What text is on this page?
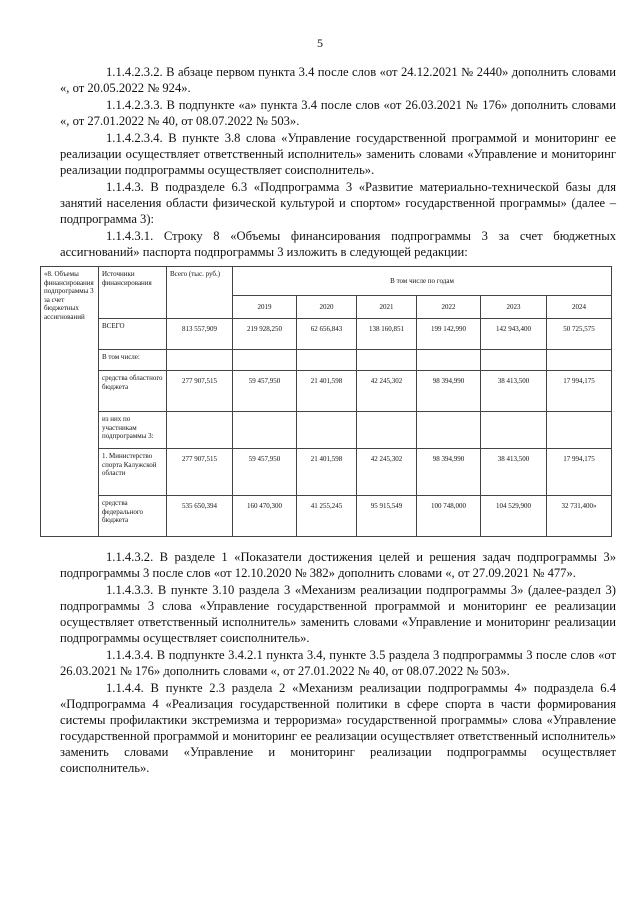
5

1.1.4.2.3.2. В абзаце первом пункта 3.4 после слов «от 24.12.2021 № 2440» дополнить словами «, от 20.05.2022 № 924».

1.1.4.2.3.3. В подпункте «а» пункта 3.4 после слов «от 26.03.2021 № 176» дополнить словами «, от 27.01.2022 № 40, от 08.07.2022 № 503».

1.1.4.2.3.4. В пункте 3.8 слова «Управление государственной программой и мониторинг ее реализации осуществляет ответственный исполнитель» заменить словами «Управление и мониторинг реализации подпрограммы осуществляет соисполнитель».

1.1.4.3. В подразделе 6.3 «Подпрограмма 3 «Развитие материально-технической базы для занятий населения области физической культурой и спортом» государственной программы» (далее – подпрограмма 3):

1.1.4.3.1. Строку 8 «Объемы финансирования подпрограммы 3 за счет бюджетных ассигнований» паспорта подпрограммы 3 изложить в следующей редакции:

«8. Объемы финансирования подпрограммы 3 за счет бюджетных ассигнований	Источники финансирования	Всего (тыс. руб.)	В том числе по годам					
			2019	2020	2021	2022	2023	2024
	ВСЕГО	813 557,909	219 928,250	62 656,843	138 160,851	199 142,990	142 943,400	50 725,575
	В том числе:							
	средства областного бюджета	277 907,515	59 457,950	21 401,598	42 245,302	98 394,990	38 413,500	17 994,175
	из них по участникам подпрограммы 3:							
	1. Министерство спорта Калужской области	277 907,515	59 457,950	21 401,598	42 245,302	98 394,990	38 413,500	17 994,175
	средства федерального бюджета	535 650,394	160 470,300	41 255,245	95 915,549	100 748,000	104 529,900	32 731,400»

1.1.4.3.2. В разделе 1 «Показатели достижения целей и решения задач подпрограммы 3» подпрограммы 3 после слов «от 12.10.2020 № 382» дополнить словами «, от 27.09.2021 № 477».

1.1.4.3.3. В пункте 3.10 раздела 3 «Механизм реализации подпрограммы 3» (далее-раздел 3) подпрограммы 3 слова «Управление государственной программой и мониторинг ее реализации осуществляет ответственный исполнитель» заменить словами «Управление и мониторинг реализации подпрограммы осуществляет соисполнитель».

1.1.4.3.4. В подпункте 3.4.2.1 пункта 3.4, пункте 3.5 раздела 3 подпрограммы 3 после слов «от 26.03.2021 № 176» дополнить словами «, от 27.01.2022 № 40, от 08.07.2022 № 503».

1.1.4.4. В пункте 2.3 раздела 2 «Механизм реализации подпрограммы 4» подраздела 6.4 «Подпрограмма 4 «Реализация государственной политики в сфере спорта в части формирования системы профилактики экстремизма и терроризма» государственной программы» слова «Управление государственной программой и мониторинг ее реализации осуществляет ответственный исполнитель» заменить словами «Управление и мониторинг реализации подпрограммы осуществляет соисполнитель».
